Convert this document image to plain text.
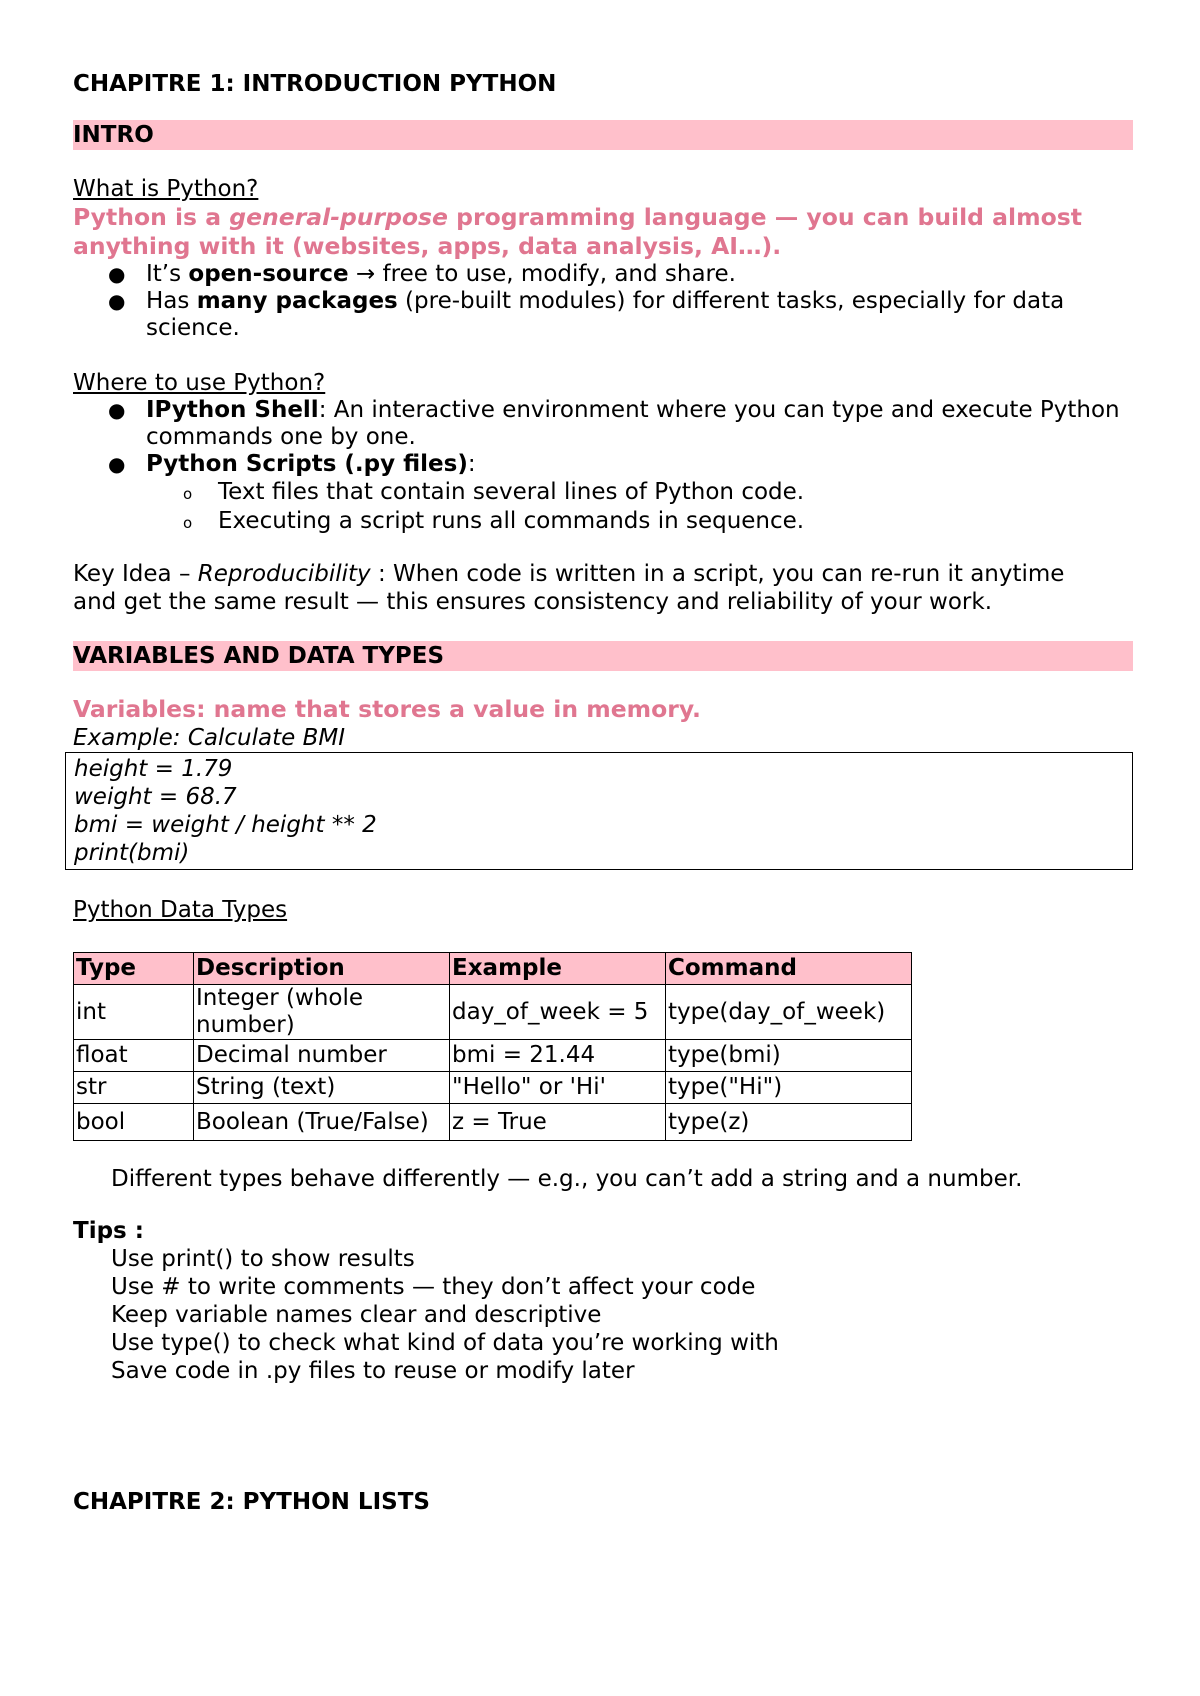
CHAPITRE 1: INTRODUCTION PYTHON
INTRO
What is Python?
Python is a general-purpose programming language — you can build almost anything with it (websites, apps, data analysis, AI…).
● It’s open-source → free to use, modify, and share.
● Has many packages (pre-built modules) for different tasks, especially for data science.
Where to use Python?
● IPython Shell: An interactive environment where you can type and execute Python commands one by one.
● Python Scripts (.py files):
o Text files that contain several lines of Python code.
o Executing a script runs all commands in sequence.
Key Idea – Reproducibility : When code is written in a script, you can re-run it anytime
and get the same result — this ensures consistency and reliability of your work.
VARIABLES AND DATA TYPES
Variables: name that stores a value in memory.
Example: Calculate BMI
height = 1.79
weight = 68.7
bmi = weight / height ** 2
print(bmi)
Python Data Types
Type	Description	Example	Command
int	Integer (whole number)	day_of_week = 5	type(day_of_week)
float	Decimal number	bmi = 21.44	type(bmi)
str	String (text)	"Hello" or 'Hi'	type("Hi")
bool	Boolean (True/False)	z = True	type(z)
Different types behave differently — e.g., you can’t add a string and a number.
Tips :
Use print() to show results
Use # to write comments — they don’t affect your code
Keep variable names clear and descriptive
Use type() to check what kind of data you’re working with
Save code in .py files to reuse or modify later
CHAPITRE 2: PYTHON LISTS
